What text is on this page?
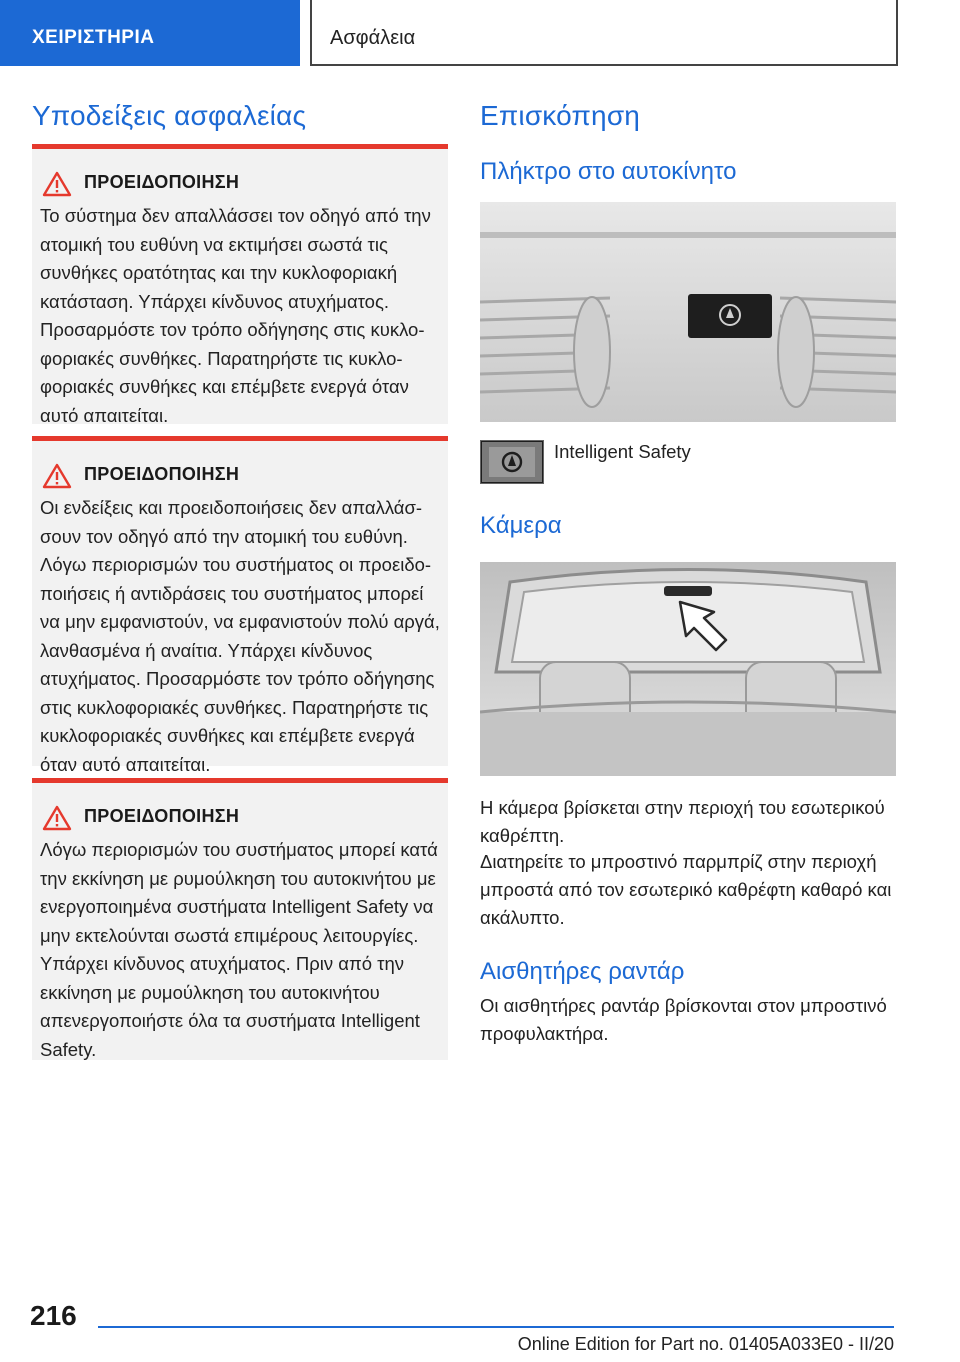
ΧΕΙΡΙΣΤΗΡΙΑ	Ασφάλεια
Υποδείξεις ασφαλείας
ΠΡΟΕΙΔΟΠΟΙΗΣΗ
Το σύστημα δεν απαλλάσσει τον οδηγό από την ατομική του ευθύνη να εκτιμήσει σωστά τις συνθήκες ορατότητας και την κυκλοφοριακή κατάσταση. Υπάρχει κίνδυνος ατυχήματος. Προσαρμόστε τον τρόπο οδήγησης στις κυκλοφοριακές συνθήκες. Παρατηρήστε τις κυκλοφοριακές συνθήκες και επέμβετε ενεργά όταν αυτό απαιτείται.
ΠΡΟΕΙΔΟΠΟΙΗΣΗ
Οι ενδείξεις και προειδοποιήσεις δεν απαλλάσσουν τον οδηγό από την ατομική του ευθύνη. Λόγω περιορισμών του συστήματος οι προειδοποιήσεις ή αντιδράσεις του συστήματος μπορεί να μην εμφανιστούν, να εμφανιστούν πολύ αργά, λανθασμένα ή αναίτια. Υπάρχει κίνδυνος ατυχήματος. Προσαρμόστε τον τρόπο οδήγησης στις κυκλοφοριακές συνθήκες. Παρατηρήστε τις κυκλοφοριακές συνθήκες και επέμβετε ενεργά όταν αυτό απαιτείται.
ΠΡΟΕΙΔΟΠΟΙΗΣΗ
Λόγω περιορισμών του συστήματος μπορεί κατά την εκκίνηση με ρυμούλκηση του αυτοκινήτου με ενεργοποιημένα συστήματα Intelligent Safety να μην εκτελούνται σωστά επιμέρους λειτουργίες. Υπάρχει κίνδυνος ατυχήματος. Πριν από την εκκίνηση με ρυμούλκηση του αυτοκινήτου απενεργοποιήστε όλα τα συστήματα Intelligent Safety.
Επισκόπηση
Πλήκτρο στο αυτοκίνητο
Intelligent Safety
Κάμερα
Η κάμερα βρίσκεται στην περιοχή του εσωτερικού καθρέπτη.
Διατηρείτε το μπροστινό παρμπρίζ στην περιοχή μπροστά από τον εσωτερικό καθρέφτη καθαρό και ακάλυπτο.
Αισθητήρες ραντάρ
Οι αισθητήρες ραντάρ βρίσκονται στον μπροστινό προφυλακτήρα.
216
Online Edition for Part no. 01405A033E0 - II/20
